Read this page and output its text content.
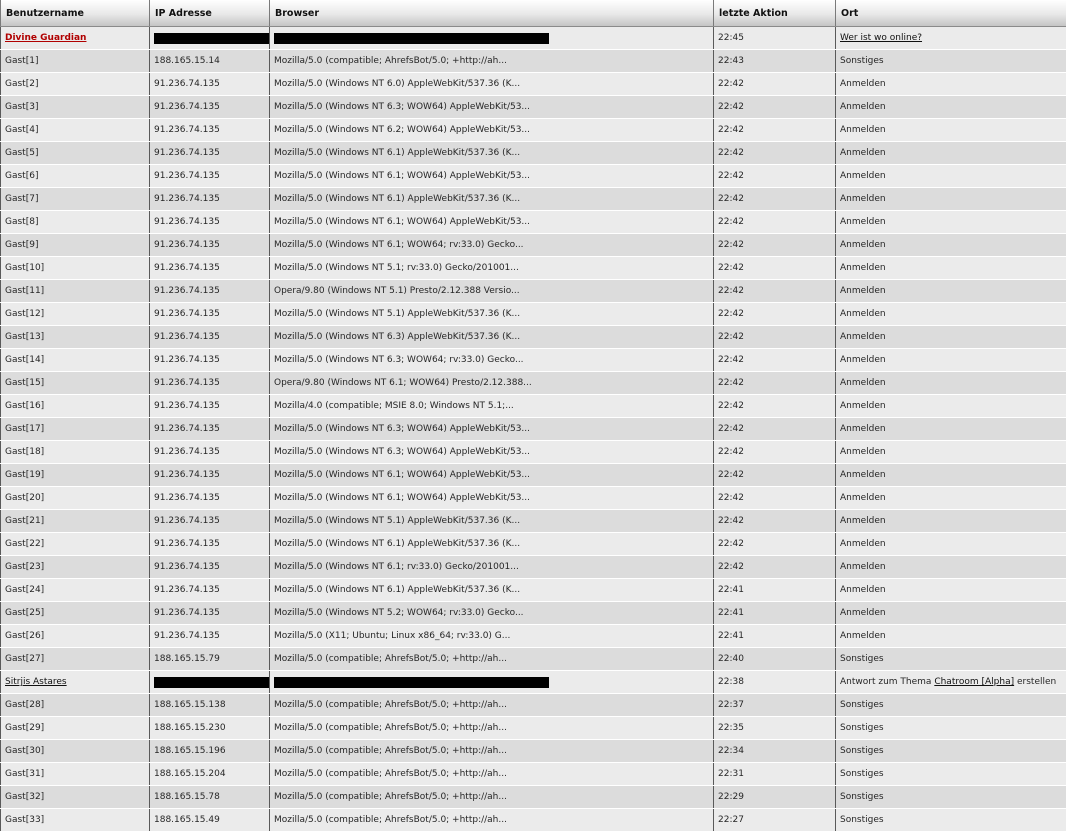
Benutzername	IP Adresse	Browser	letzte Aktion	Ort
Divine Guardian			22:45	Wer ist wo online?
Gast[1]	188.165.15.14	Mozilla/5.0 (compatible; AhrefsBot/5.0; +http://ah...	22:43	Sonstiges
Gast[2]	91.236.74.135	Mozilla/5.0 (Windows NT 6.0) AppleWebKit/537.36 (K...	22:42	Anmelden
Gast[3]	91.236.74.135	Mozilla/5.0 (Windows NT 6.3; WOW64) AppleWebKit/53...	22:42	Anmelden
Gast[4]	91.236.74.135	Mozilla/5.0 (Windows NT 6.2; WOW64) AppleWebKit/53...	22:42	Anmelden
Gast[5]	91.236.74.135	Mozilla/5.0 (Windows NT 6.1) AppleWebKit/537.36 (K...	22:42	Anmelden
Gast[6]	91.236.74.135	Mozilla/5.0 (Windows NT 6.1; WOW64) AppleWebKit/53...	22:42	Anmelden
Gast[7]	91.236.74.135	Mozilla/5.0 (Windows NT 6.1) AppleWebKit/537.36 (K...	22:42	Anmelden
Gast[8]	91.236.74.135	Mozilla/5.0 (Windows NT 6.1; WOW64) AppleWebKit/53...	22:42	Anmelden
Gast[9]	91.236.74.135	Mozilla/5.0 (Windows NT 6.1; WOW64; rv:33.0) Gecko...	22:42	Anmelden
Gast[10]	91.236.74.135	Mozilla/5.0 (Windows NT 5.1; rv:33.0) Gecko/201001...	22:42	Anmelden
Gast[11]	91.236.74.135	Opera/9.80 (Windows NT 5.1) Presto/2.12.388 Versio...	22:42	Anmelden
Gast[12]	91.236.74.135	Mozilla/5.0 (Windows NT 5.1) AppleWebKit/537.36 (K...	22:42	Anmelden
Gast[13]	91.236.74.135	Mozilla/5.0 (Windows NT 6.3) AppleWebKit/537.36 (K...	22:42	Anmelden
Gast[14]	91.236.74.135	Mozilla/5.0 (Windows NT 6.3; WOW64; rv:33.0) Gecko...	22:42	Anmelden
Gast[15]	91.236.74.135	Opera/9.80 (Windows NT 6.1; WOW64) Presto/2.12.388...	22:42	Anmelden
Gast[16]	91.236.74.135	Mozilla/4.0 (compatible; MSIE 8.0; Windows NT 5.1;...	22:42	Anmelden
Gast[17]	91.236.74.135	Mozilla/5.0 (Windows NT 6.3; WOW64) AppleWebKit/53...	22:42	Anmelden
Gast[18]	91.236.74.135	Mozilla/5.0 (Windows NT 6.3; WOW64) AppleWebKit/53...	22:42	Anmelden
Gast[19]	91.236.74.135	Mozilla/5.0 (Windows NT 6.1; WOW64) AppleWebKit/53...	22:42	Anmelden
Gast[20]	91.236.74.135	Mozilla/5.0 (Windows NT 6.1; WOW64) AppleWebKit/53...	22:42	Anmelden
Gast[21]	91.236.74.135	Mozilla/5.0 (Windows NT 5.1) AppleWebKit/537.36 (K...	22:42	Anmelden
Gast[22]	91.236.74.135	Mozilla/5.0 (Windows NT 6.1) AppleWebKit/537.36 (K...	22:42	Anmelden
Gast[23]	91.236.74.135	Mozilla/5.0 (Windows NT 6.1; rv:33.0) Gecko/201001...	22:42	Anmelden
Gast[24]	91.236.74.135	Mozilla/5.0 (Windows NT 6.1) AppleWebKit/537.36 (K...	22:41	Anmelden
Gast[25]	91.236.74.135	Mozilla/5.0 (Windows NT 5.2; WOW64; rv:33.0) Gecko...	22:41	Anmelden
Gast[26]	91.236.74.135	Mozilla/5.0 (X11; Ubuntu; Linux x86_64; rv:33.0) G...	22:41	Anmelden
Gast[27]	188.165.15.79	Mozilla/5.0 (compatible; AhrefsBot/5.0; +http://ah...	22:40	Sonstiges
Sitrjis Astares			22:38	Antwort zum Thema Chatroom [Alpha] erstellen
Gast[28]	188.165.15.138	Mozilla/5.0 (compatible; AhrefsBot/5.0; +http://ah...	22:37	Sonstiges
Gast[29]	188.165.15.230	Mozilla/5.0 (compatible; AhrefsBot/5.0; +http://ah...	22:35	Sonstiges
Gast[30]	188.165.15.196	Mozilla/5.0 (compatible; AhrefsBot/5.0; +http://ah...	22:34	Sonstiges
Gast[31]	188.165.15.204	Mozilla/5.0 (compatible; AhrefsBot/5.0; +http://ah...	22:31	Sonstiges
Gast[32]	188.165.15.78	Mozilla/5.0 (compatible; AhrefsBot/5.0; +http://ah...	22:29	Sonstiges
Gast[33]	188.165.15.49	Mozilla/5.0 (compatible; AhrefsBot/5.0; +http://ah...	22:27	Sonstiges
